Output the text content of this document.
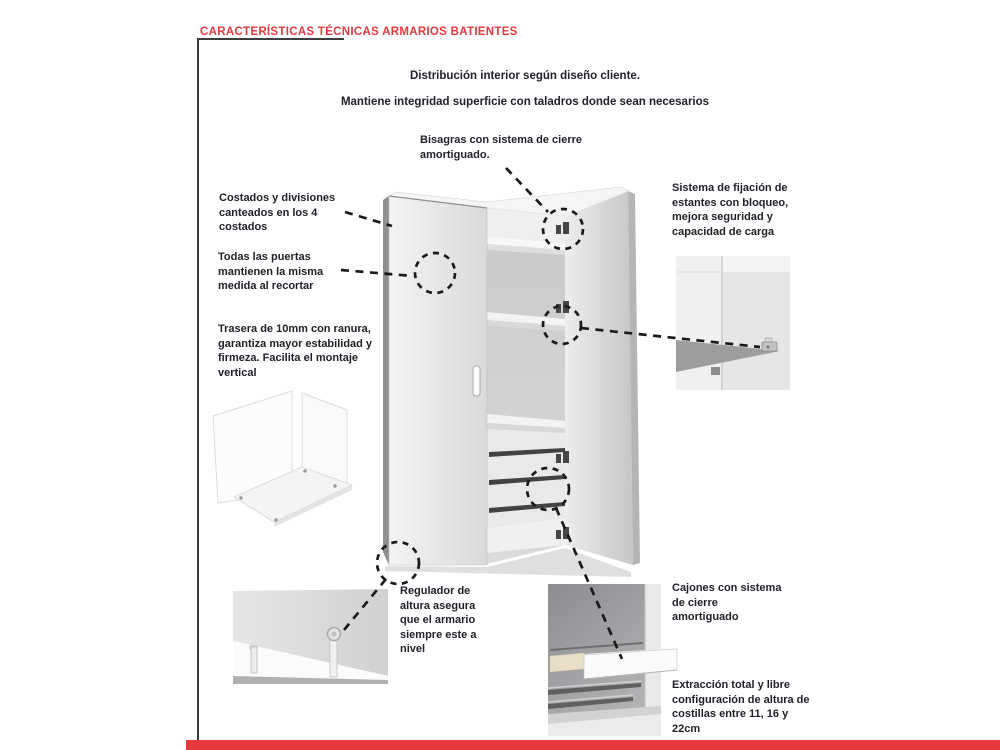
CARACTERÍSTICAS TÉCNICAS ARMARIOS BATIENTES

Distribución interior según diseño cliente.

Mantiene integridad superficie con taladros donde sean necesarios

Bisagras con sistema de cierre amortiguado.
Costados y divisiones canteados en los 4 costados
Todas las puertas mantienen la misma medida al recortar
Trasera de 10mm con ranura, garantiza mayor estabilidad y firmeza. Facilita el montaje vertical
Sistema de fijación de estantes con bloqueo, mejora seguridad y capacidad de carga
Regulador de altura asegura que el armario siempre este a nivel
Cajones con sistema de cierre amortiguado
Extracción total y libre configuración de altura de costillas entre 11, 16 y 22cm
